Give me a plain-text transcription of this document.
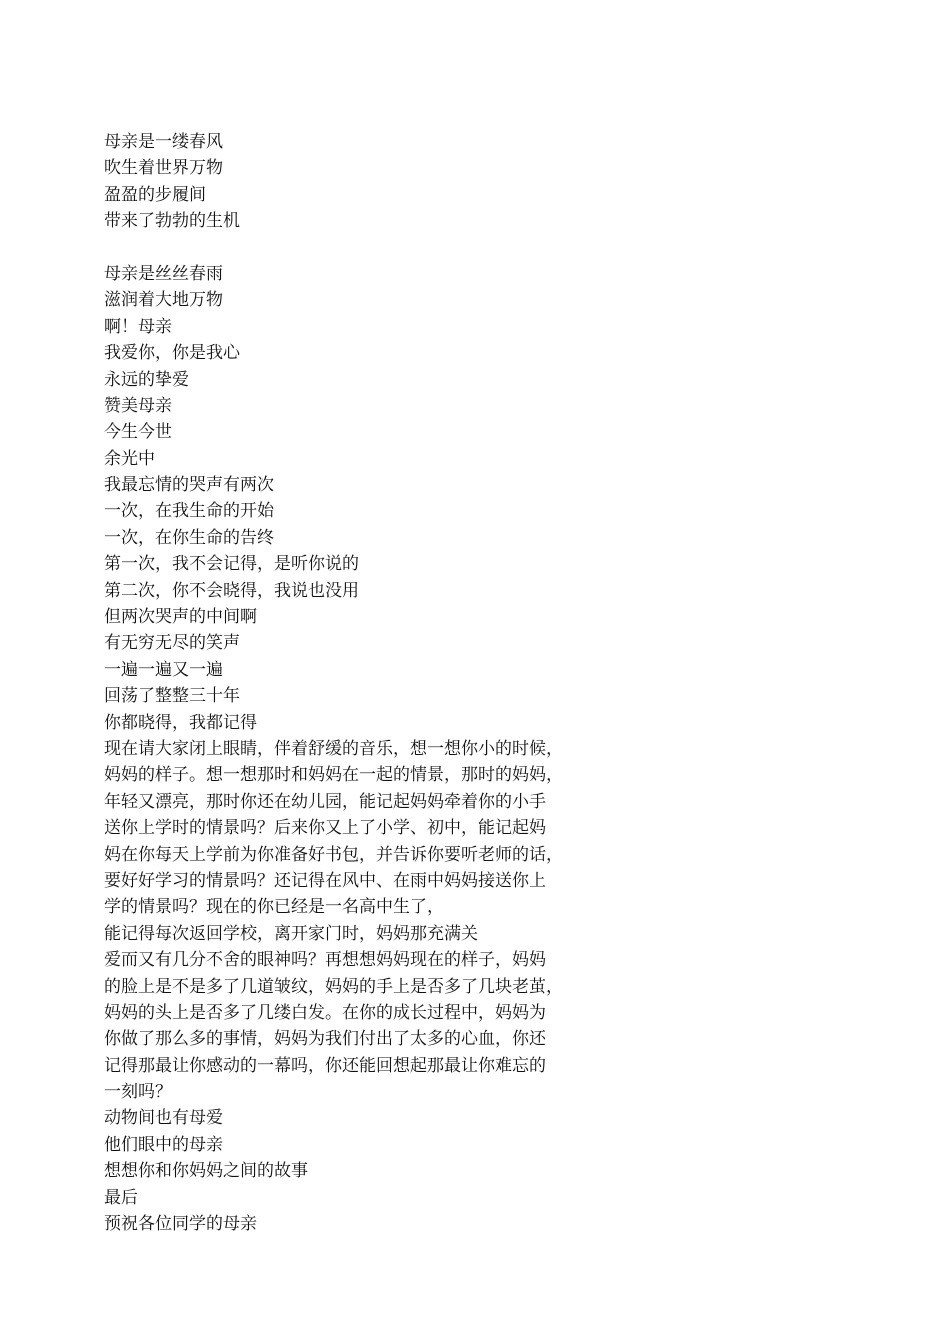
母亲是一缕春风
吹生着世界万物
盈盈的步履间
带来了勃勃的生机
母亲是丝丝春雨
滋润着大地万物
啊！母亲
我爱你，你是我心
永远的挚爱
赞美母亲
今生今世
余光中
我最忘情的哭声有两次
一次，在我生命的开始
一次，在你生命的告终
第一次，我不会记得，是听你说的
第二次，你不会晓得，我说也没用
但两次哭声的中间啊
有无穷无尽的笑声
一遍一遍又一遍
回荡了整整三十年
你都晓得，我都记得
现在请大家闭上眼睛，伴着舒缓的音乐，想一想你小的时候，
妈妈的样子。想一想那时和妈妈在一起的情景，那时的妈妈，
年轻又漂亮，那时你还在幼儿园，能记起妈妈牵着你的小手
送你上学时的情景吗？后来你又上了小学、初中，能记起妈
妈在你每天上学前为你准备好书包，并告诉你要听老师的话，
要好好学习的情景吗？还记得在风中、在雨中妈妈接送你上
学的情景吗？现在的你已经是一名高中生了，
能记得每次返回学校，离开家门时，妈妈那充满关
爱而又有几分不舍的眼神吗？再想想妈妈现在的样子，妈妈
的脸上是不是多了几道皱纹，妈妈的手上是否多了几块老茧，
妈妈的头上是否多了几缕白发。在你的成长过程中，妈妈为
你做了那么多的事情，妈妈为我们付出了太多的心血，你还
记得那最让你感动的一幕吗，你还能回想起那最让你难忘的
一刻吗？
动物间也有母爱
他们眼中的母亲
想想你和你妈妈之间的故事
最后
预祝各位同学的母亲
